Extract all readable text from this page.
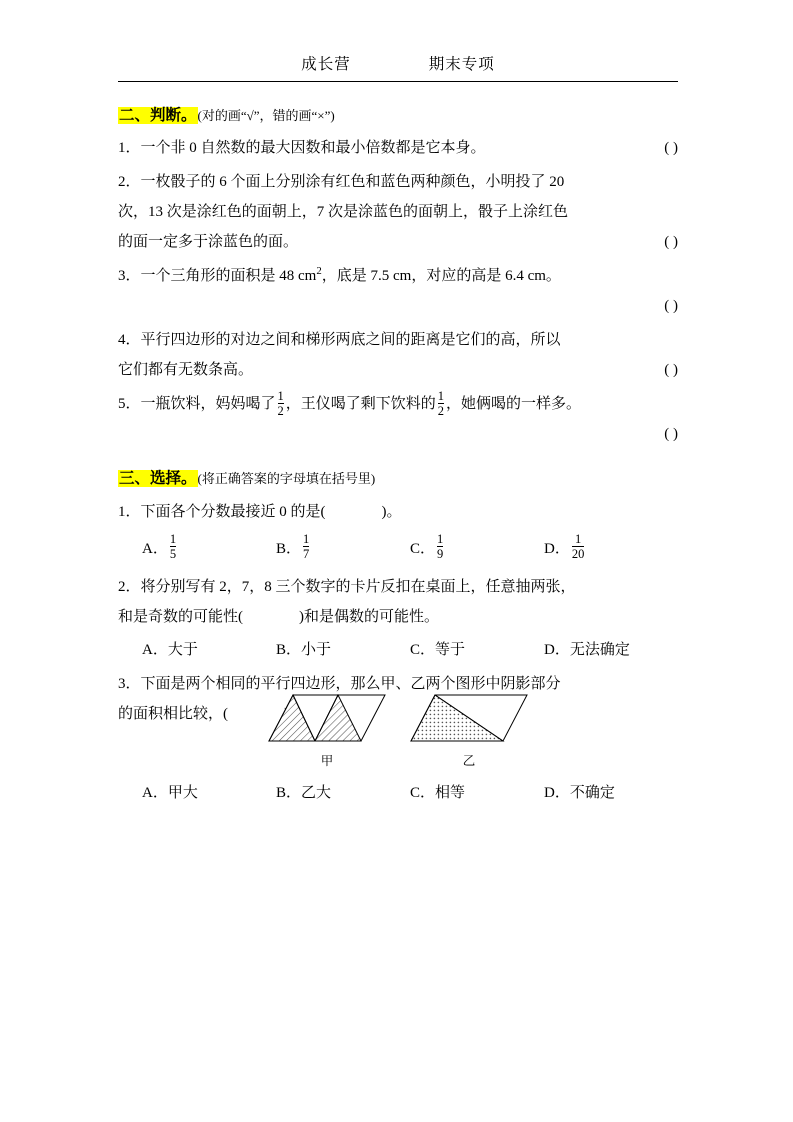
成长营	期末专项

二、判断。(对的画“√”，错的画“×”)

1．一个非 0 自然数的最大因数和最小倍数都是它本身。	( )
2．一枚骰子的 6 个面上分别涂有红色和蓝色两种颜色，小明投了 20
次，13 次是涂红色的面朝上，7 次是涂蓝色的面朝上，骰子上涂红色
的面一定多于涂蓝色的面。	( )
3．一个三角形的面积是 48 $cm^2$，底是 7.5 cm，对应的高是 6.4 cm。
( )
4．平行四边形的对边之间和梯形两底之间的距离是它们的高，所以
它们都有无数条高。	( )
5．一瓶饮料，妈妈喝了 $\frac{1}{2}$ ，王仪喝了剩下饮料的 $\frac{1}{2}$ ，她俩喝的一样多。
( )

三、选择。(将正确答案的字母填在括号里)

1．下面各个分数最接近 0 的是(	)。
A． $\frac{1}{5}$	B． $\frac{1}{7}$	C． $\frac{1}{9}$	D． $\frac{1}{20}$
2．将分别写有 2，7，8 三个数字的卡片反扣在桌面上，任意抽两张，
和是奇数的可能性(	)和是偶数的可能性。
A． 大于	B． 小于	C． 等于	D． 无法确定
3．下面是两个相同的平行四边形，那么甲、乙两个图形中阴影部分
的面积相比较，(
甲	乙
A． 甲大	B． 乙大	C． 相等	D． 不确定
